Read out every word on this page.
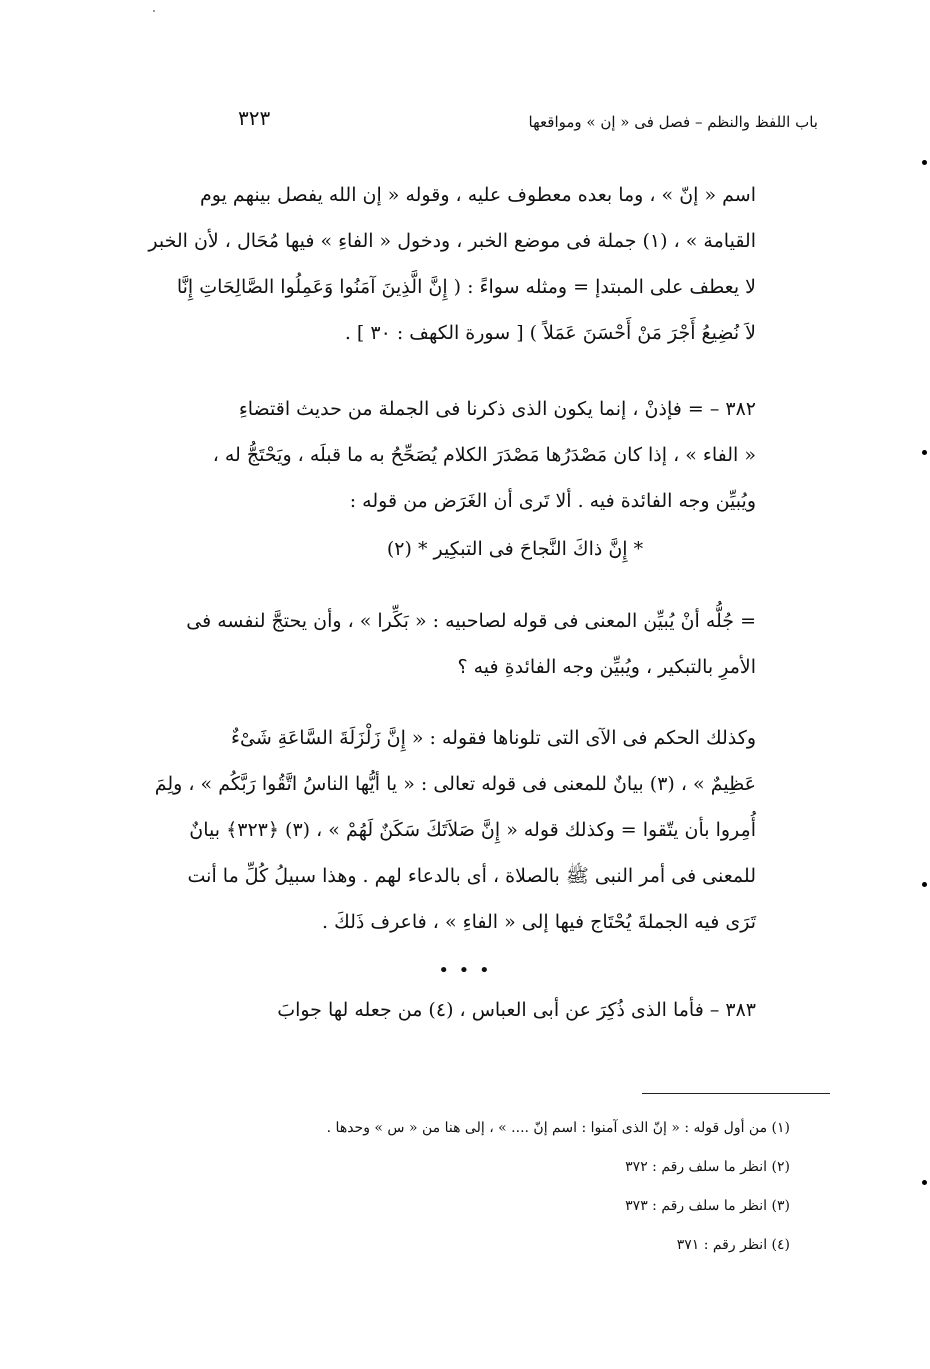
باب اللفظ والنظم – فصل فى « إن » ومواقعها
٣٢٣
اسم « إنّ » ، وما بعده معطوف عليه ، وقوله « إن الله يفصل بينهم يوم
القيامة » ، (١) جملة فى موضع الخبر ، ودخول « الفاءِ » فيها مُحَال ، لأن الخبر
لا يعطف على المبتدإ = ومثله سواءً : ( إِنَّ الَّذِينَ آمَنُوا وَعَمِلُوا الصَّالِحَاتِ إِنَّا
لاَ نُضِيعُ أَجْرَ مَنْ أَحْسَنَ عَمَلاً ) [ سورة الكهف : ٣٠ ] .
٣٨٢ – = فإذنْ ، إنما يكون الذى ذكرنا فى الجملة من حديث اقتضاءِ
« الفاء » ، إذا كان مَصْدَرُها مَصْدَرَ الكلام يُصَحِّحُ به ما قبلَه ، ويَحْتَجُّ له ،
ويُبيِّن وجه الفائدة فيه . ألا تَرى أن الغَرَض من قوله :
* إِنَّ ذاكَ النَّجاحَ فى التبكِير * (٢)
= جُلُّه أنْ يُبيِّن المعنى فى قوله لصاحبيه : « بَكِّرا » ، وأن يحتجَّ لنفسه فى
الأمرِ بالتبكير ، ويُبيِّن وجه الفائدةِ فيه ؟
وكذلك الحكم فى الآى التى تلوناها فقوله : « إِنَّ زَلْزَلَةَ السَّاعَةِ شَىْءٌ
عَظِيمٌ » ، (٣) بيانٌ للمعنى فى قوله تعالى : « يا أيُّها الناسُ اتَّقُوا رَبَّكُم » ، ولِمَ
أُمِروا بأن يتّقوا = وكذلك قوله « إِنَّ صَلاَتَكَ سَكَنٌ لَهُمْ » ، (٣) ﴿٣٢٣﴾ بيانٌ
للمعنى فى أمر النبى ﷺ بالصلاة ، أى بالدعاء لهم . وهذا سبيلُ كُلِّ ما أنت
تَرَى فيه الجملةَ يُحْتَاج فيها إلى « الفاءِ » ، فاعرف ذَلكَ .
• • •
٣٨٣ – فأما الذى ذُكِرَ عن أبى العباس ، (٤) من جعله لها جوابَ
(١) من أول قوله : « إنّ الذى آمنوا : اسم إنّ .... » ، إلى هنا من « س » وحدها .
(٢) انظر ما سلف رقم : ٣٧٢
(٣) انظر ما سلف رقم : ٣٧٣
(٤) انظر رقم : ٣٧١
